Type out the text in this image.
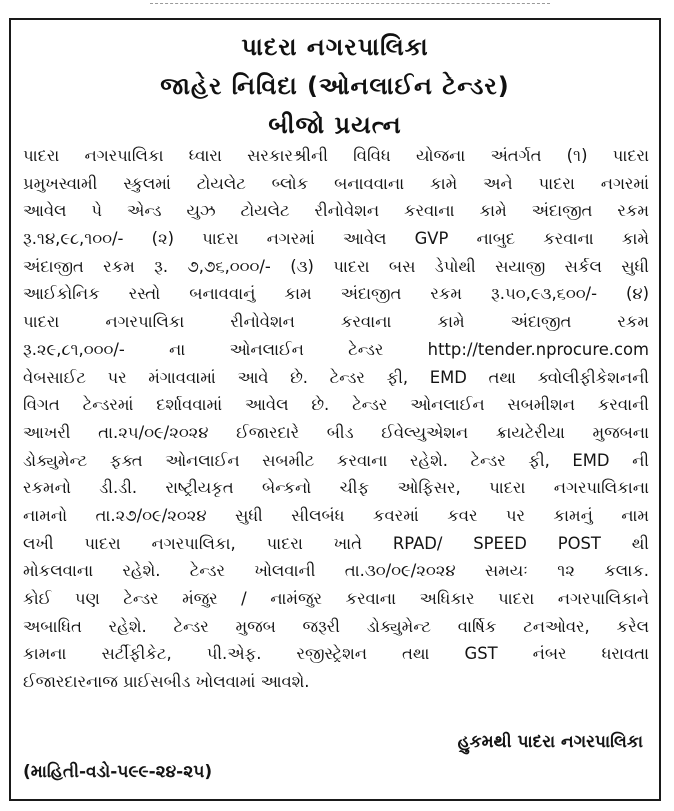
પાદરા નગરપાલિકા
જાહેર નિવિદા (ઓનલાઈન ટેન્ડર)
બીજો પ્રયત્ન
પાદરા નગરપાલિકા ધ્વારા સરકારશ્રીની વિવિધ યોજના અંતર્ગત (૧) પાદરા
પ્રમુખસ્વામી સ્કુલમાં ટોયલેટ બ્લોક બનાવવાના કામે અને પાદરા નગરમાં
આવેલ પે એન્ડ યુઝ ટોયલેટ રીનોવેશન કરવાના કામે અંદાજીત રકમ
રૂ.૧૪,૯૮,૧૦૦/- (૨) પાદરા નગરમાં આવેલ GVP નાબુદ કરવાના કામે
અંદાજીત રકમ રૂ. ૭,૭૬,૦૦૦/- (૩) પાદરા બસ ડેપોથી સયાજી સર્કલ સુધી
આઈકોનિક રસ્તો બનાવવાનું કામ અંદાજીત રકમ રૂ.૫૦,૯૩,૬૦૦/- (૪)
પાદરા નગરપાલિકા રીનોવેશન કરવાના કામે અંદાજીત રકમ
રૂ.૨૯,૮૧,૦૦૦/- ના ઓનલાઈન ટેન્ડર http://tender.nprocure.com
વેબસાઈટ પર મંગાવવામાં આવે છે. ટેન્ડર ફી, EMD તથા ક્વોલીફીકેશનની
વિગત ટેન્ડરમાં દર્શાવવામાં આવેલ છે. ટેન્ડર ઓનલાઈન સબમીશન કરવાની
આખરી તા.૨૫/૦૯/૨૦૨૪ ઈજારદારે બીડ ઈવેલ્યુએશન ક્રાયટેરીયા મુજબના
ડોક્યુમેન્ટ ફક્ત ઓનલાઈન સબમીટ કરવાના રહેશે. ટેન્ડર ફી, EMD ની
રકમનો ડી.ડી. રાષ્ટ્રીયકૃત બેન્કનો ચીફ ઓફિસર, પાદરા નગરપાલિકાના
નામનો તા.૨૭/૦૯/૨૦૨૪ સુધી સીલબંધ કવરમાં કવર પર કામનું નામ
લખી પાદરા નગરપાલિકા, પાદરા ખાતે RPAD/ SPEED POST થી
મોકલવાના રહેશે. ટેન્ડર ખોલવાની તા.૩૦/૦૯/૨૦૨૪ સમયઃ ૧૨ કલાક.
કોઈ પણ ટેન્ડર મંજુર / નામંજુર કરવાના અધિકાર પાદરા નગરપાલિકાને
અબાધિત રહેશે. ટેન્ડર મુજબ જરૂરી ડોક્યુમેન્ટ વાર્ષિક ટનઓવર, કરેલ
કામના સર્ટીફીકેટ, પી.એફ. રજીસ્ટ્રેશન તથા GST નંબર ધરાવતા
ઈજારદારનાજ પ્રાઈસબીડ ખોલવામાં આવશે.
હુકમથી પાદરા નગરપાલિકા
(માહિતી-વડો-૫૯૯-૨૪-૨૫)
